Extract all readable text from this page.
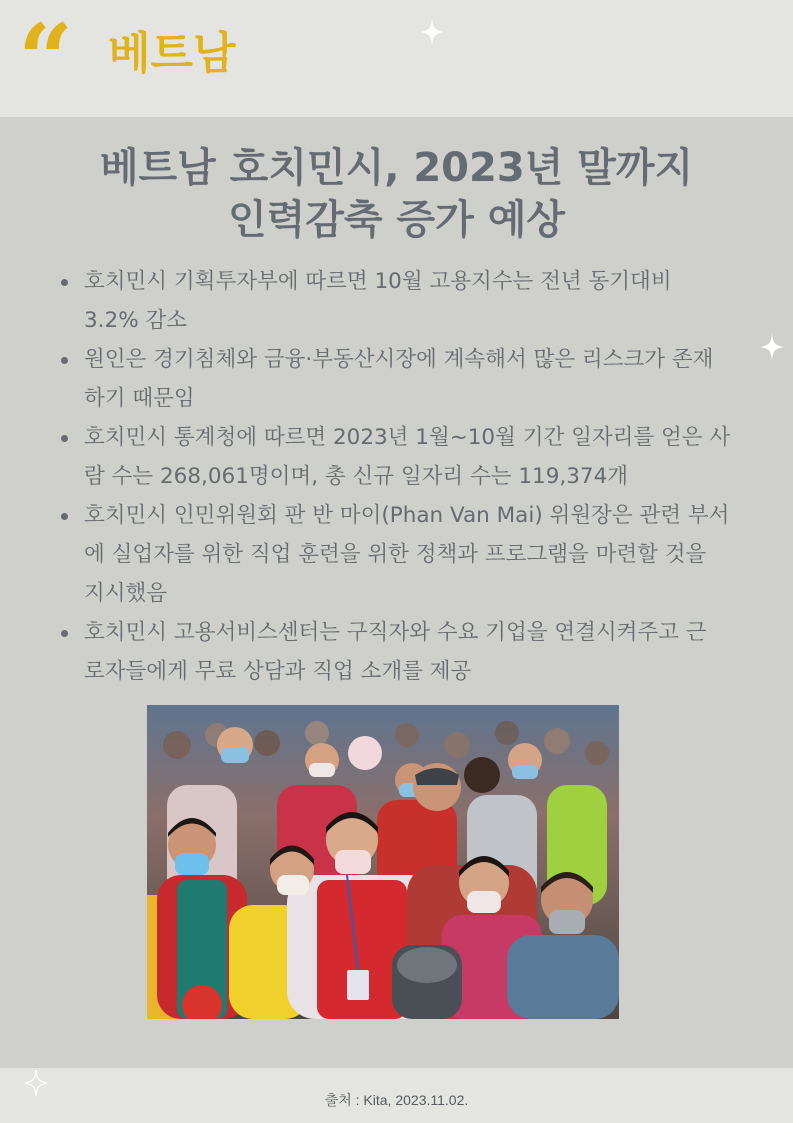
“ 베트남
베트남 호치민시, 2023년 말까지
인력감축 증가 예상
호치민시 기획투자부에 따르면 10월 고용지수는 전년 동기대비
3.2% 감소
원인은 경기침체와 금융·부동산시장에 계속해서 많은 리스크가 존재
하기 때문임
호치민시 통계청에 따르면 2023년 1월~10월 기간 일자리를 얻은 사
람 수는 268,061명이며, 총 신규 일자리 수는 119,374개
호치민시 인민위원회 판 반 마이(Phan Van Mai) 위원장은 관련 부서
에 실업자를 위한 직업 훈련을 위한 정책과 프로그램을 마련할 것을
지시했음
호치민시 고용서비스센터는 구직자와 수요 기업을 연결시켜주고 근
로자들에게 무료 상담과 직업 소개를 제공
출처 : Kita, 2023.11.02.
